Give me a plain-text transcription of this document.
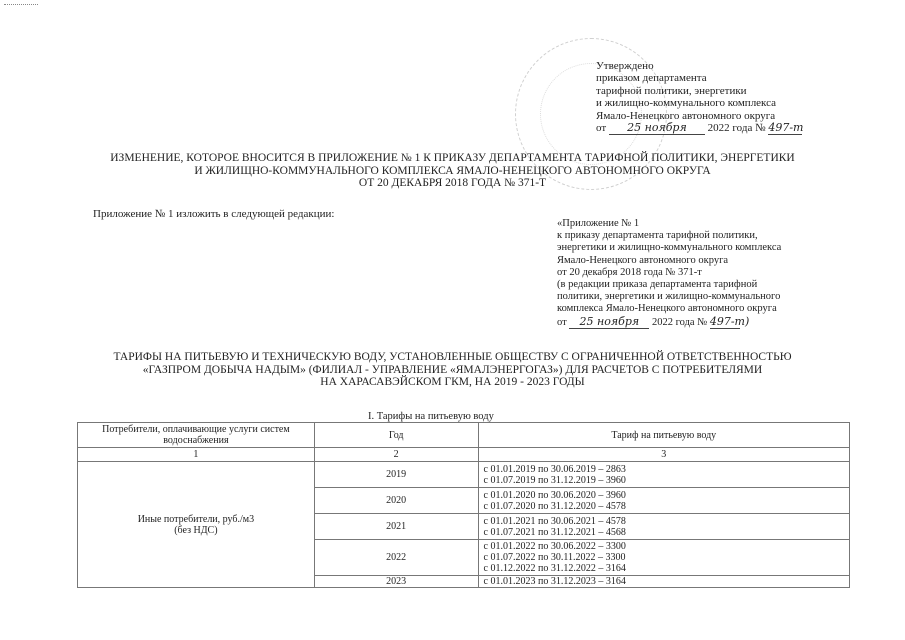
Утверждено
приказом департамента
тарифной политики, энергетики
и жилищно-коммунального комплекса
Ямало-Ненецкого автономного округа
от 25 ноября 2022 года № 497-т
ИЗМЕНЕНИЕ, КОТОРОЕ ВНОСИТСЯ В ПРИЛОЖЕНИЕ № 1 К ПРИКАЗУ ДЕПАРТАМЕНТА ТАРИФНОЙ ПОЛИТИКИ, ЭНЕРГЕТИКИ
И ЖИЛИЩНО-КОММУНАЛЬНОГО КОМПЛЕКСА ЯМАЛО-НЕНЕЦКОГО АВТОНОМНОГО ОКРУГА
ОТ 20 ДЕКАБРЯ 2018 ГОДА № 371-Т
Приложение № 1 изложить в следующей редакции:
«Приложение № 1
к приказу департамента тарифной политики,
энергетики и жилищно-коммунального комплекса
Ямало-Ненецкого автономного округа
от 20 декабря 2018 года № 371-т
(в редакции приказа департамента тарифной
политики, энергетики и жилищно-коммунального
комплекса Ямало-Ненецкого автономного округа
от 25 ноября 2022 года № 497-т)
ТАРИФЫ НА ПИТЬЕВУЮ И ТЕХНИЧЕСКУЮ ВОДУ, УСТАНОВЛЕННЫЕ ОБЩЕСТВУ С ОГРАНИЧЕННОЙ ОТВЕТСТВЕННОСТЬЮ
«ГАЗПРОМ ДОБЫЧА НАДЫМ» (ФИЛИАЛ - УПРАВЛЕНИЕ «ЯМАЛЭНЕРГОГАЗ») ДЛЯ РАСЧЕТОВ С ПОТРЕБИТЕЛЯМИ
НА ХАРАСАВЭЙСКОМ ГКМ, НА 2019 - 2023 ГОДЫ
I. Тарифы на питьевую воду
Потребители, оплачивающие услуги систем водоснабжения	Год	Тариф на питьевую воду
1	2	3

Иные потребители, руб./м3 (без НДС)	2019	с 01.01.2019 по 30.06.2019 – 2863
с 01.07.2019 по 31.12.2019 – 3960

	2020	с 01.01.2020 по 30.06.2020 – 3960
с 01.07.2020 по 31.12.2020 – 4578

	2021	с 01.01.2021 по 30.06.2021 – 4578
с 01.07.2021 по 31.12.2021 – 4568

	2022	с 01.01.2022 по 30.06.2022 – 3300
с 01.07.2022 по 30.11.2022 – 3300
с 01.12.2022 по 31.12.2022 – 3164

	2023	с 01.01.2023 по 31.12.2023 – 3164
